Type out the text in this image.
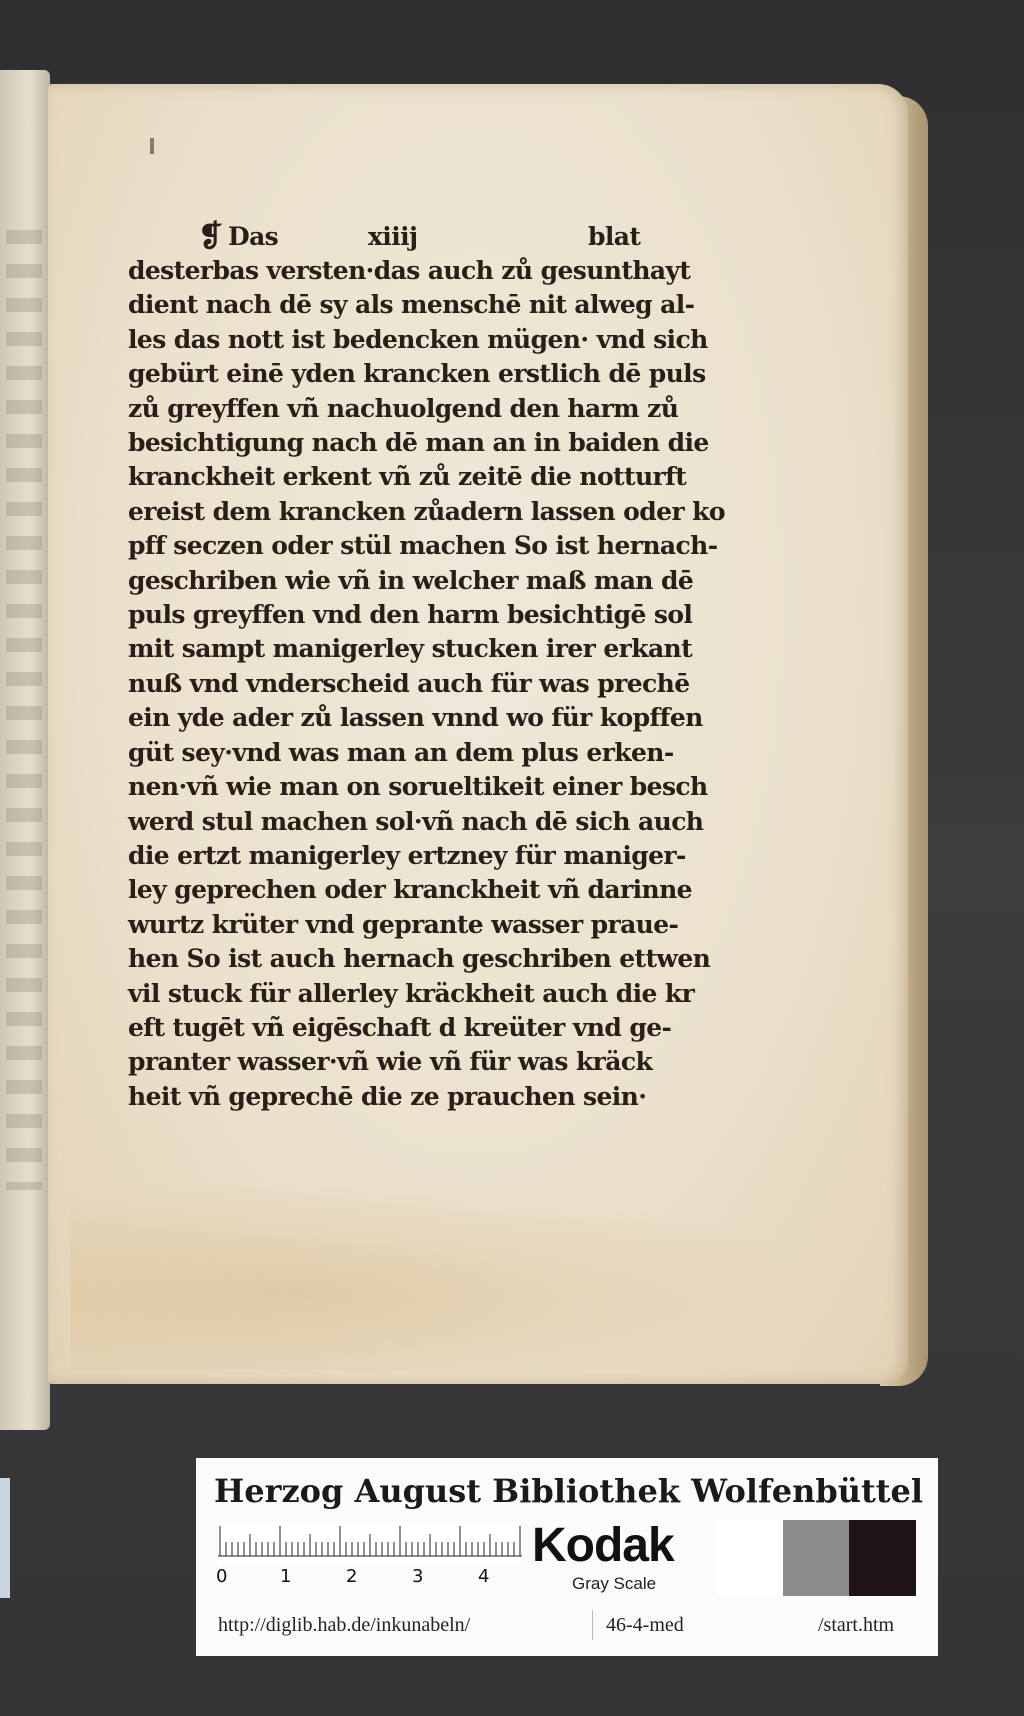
❡ Das	xiiij	blat
desterbas versten·das auch zů gesunthayt
dient nach dē sy als menschē nit alweg al-
les das nott ist bedencken mügen· vnd sich
gebürt einē yden krancken erstlich dē puls
zů greyffen vñ nachuolgend den harm zů
besichtigung nach dē man an in baiden die
kranckheit erkent vñ zů zeitē die notturft
ereist dem krancken zůadern lassen oder ko
pff seczen oder stül machen So ist hernach-
geschriben wie vñ in welcher maß man dē
puls greyffen vnd den harm besichtigē sol
mit sampt manigerley stucken irer erkant
nuß vnd vnderscheid auch für was prechē
ein yde ader zů lassen vnnd wo für kopffen
güt sey·vnd was man an dem plus erken-
nen·vñ wie man on sorueltikeit einer besch
werd stul machen sol·vñ nach dē sich auch
die ertzt manigerley ertzney für maniger-
ley geprechen oder kranckheit vñ darinne
wurtz krüter vnd geprante wasser praue-
hen So ist auch hernach geschriben ettwen
vil stuck für allerley kräckheit auch die kr
eft tugēt vñ eigēschaft d kreüter vnd ge-
pranter wasser·vñ wie vñ für was kräck
heit vñ geprechē die ze prauchen sein·
Herzog August Bibliothek Wolfenbüttel
0	1	2	3	4
Kodak
Gray Scale
http://diglib.hab.de/inkunabeln/	46-4-med	/start.htm
